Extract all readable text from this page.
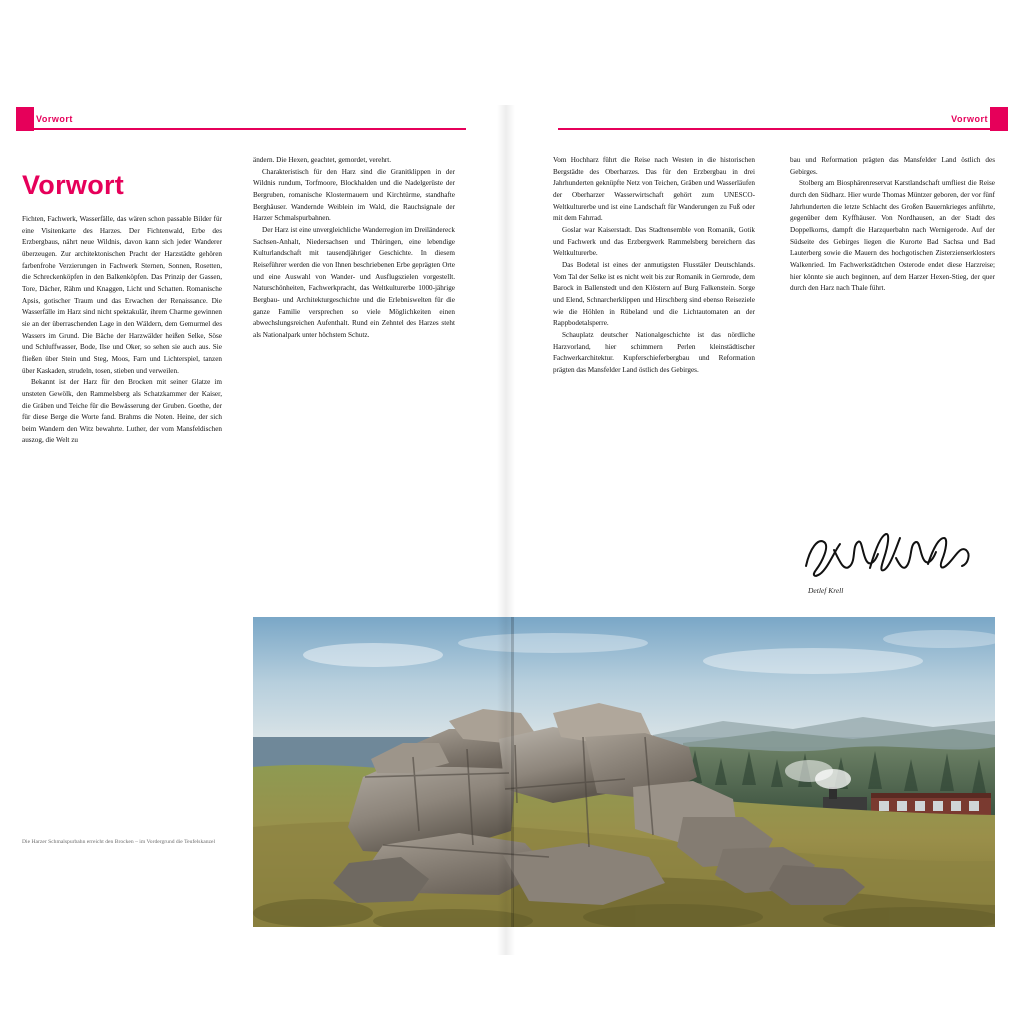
Vorwort	Vorwort
Vorwort

Fichten, Fachwerk, Wasserfälle, das wären schon passable Bilder für eine Visitenkarte des Harzes. Der Fichtenwald, Erbe des Erzbergbaus, nährt neue Wildnis, davon kann sich jeder Wanderer überzeugen. Zur architektonischen Pracht der Harzstädte gehören farbenfrohe Verzierungen in Fachwerk Sternen, Sonnen, Rosetten, die Schreckenköpfen in den Balkenköpfen. Das Prinzip der Gassen, Tore, Dächer, Rähm und Knaggen, Licht und Schatten. Romanische Apsis, gotischer Traum und das Erwachen der Renaissance. Die Wasserfälle im Harz sind nicht spektakulär, ihrem Charme gewinnen sie an der überraschenden Lage in den Wäldern, dem Gemurmel des Wassers im Grund. Die Bäche der Harzwälder heißen Selke, Söse und Schluffwasser, Bode, Ilse und Oker, so sehen sie auch aus. Sie fließen über Stein und Steg, Moos, Farn und Lichterspiel, tanzen über Kaskaden, strudeln, tosen, stieben und verweilen.

Bekannt ist der Harz für den Brocken mit seiner Glatze im unsteten Gewölk, den Rammelsberg als Schatzkammer der Kaiser, die Gräben und Teiche für die Bewässerung der Gruben. Goethe, der für diese Berge die Worte fand. Brahms die Noten. Heine, der sich beim Wandern den Witz bewahrte. Luther, der vom Mansfeldischen auszog, die Welt zu

Die Harzer Schmalspurbahn erreicht den Brocken – im Vordergrund die Teufelskanzel

ändern. Die Hexen, geachtet, gemordet, verehrt.

Charakteristisch für den Harz sind die Granitklippen in der Wildnis rundum, Torfmoore, Blockhalden und die Nadelgerüste der Bergruben, romanische Klostermauern und Kirchtürme, standhafte Berghäuser. Wandernde Weiblein im Wald, die Rauchsignale der Harzer Schmalspurbahnen.

Der Harz ist eine unvergleichliche Wanderregion im Dreiländereck Sachsen-Anhalt, Niedersachsen und Thüringen, eine lebendige Kulturlandschaft mit tausendjähriger Geschichte. In diesem Reiseführer werden die von Ihnen beschriebenen Erbe geprägten Orte und eine Auswahl von Wander- und Ausflugszielen vorgestellt. Naturschönheiten, Fachwerkpracht, das Weltkulturerbe 1000-jährige Bergbau- und Architekturgeschichte und die Erlebniswelten für die ganze Familie versprechen so viele Möglichkeiten einen abwechslungsreichen Aufenthalt. Rund ein Zehntel des Harzes steht als Nationalpark unter höchstem Schutz.

Vom Hochharz führt die Reise nach Westen in die historischen Bergstädte des Oberharzes. Das für den Erzbergbau in drei Jahrhunderten geknüpfte Netz von Teichen, Gräben und Wasserläufen der Oberharzer Wasserwirtschaft gehört zum UNESCO-Weltkulturerbe und ist eine Landschaft für Wanderungen zu Fuß oder mit dem Fahrrad.

Goslar war Kaiserstadt. Das Stadtensemble von Romanik, Gotik und Fachwerk und das Erzbergwerk Rammelsberg bereichern das Weltkulturerbe.

Das Bodetal ist eines der anmutigsten Flusstäler Deutschlands. Vom Tal der Selke ist es nicht weit bis zur Romanik in Gernrode, dem Barock in Ballenstedt und den Klöstern auf Burg Falkenstein. Sorge und Elend, Schnarcherklippen und Hirschberg sind ebenso Reiseziele wie die Höhlen in Rübeland und die Lichtautomaten an der Rappbodetalsperre.

Schauplatz deutscher Nationalgeschichte ist das nördliche Harzvorland, hier schimmern Perlen kleinstädtischer Fachwerkarchitektur. Kupferschieferbergbau und Reformation prägten das Mansfelder Land östlich des Gebirges.

bau und Reformation prägten das Mansfelder Land östlich des Gebirges.

Stolberg am Biosphärenreservat Karstlandschaft umfliest die Reise durch den Südharz. Hier wurde Thomas Müntzer geboren, der vor fünf Jahrhunderten die letzte Schlacht des Großen Bauernkrieges anführte, gegenüber dem Kyffhäuser. Von Nordhausen, an der Stadt des Doppelkorns, dampft die Harzquerbahn nach Wernigerode. Auf der Südseite des Gebirges liegen die Kurorte Bad Sachsa und Bad Lauterberg sowie die Mauern des hochgotischen Zisterzienserklosters Walkenried. Im Fachwerkstädtchen Osterode endet diese Harzreise; hier könnte sie auch beginnen, auf dem Harzer Hexen-Stieg, der quer durch den Harz nach Thale führt.

Detlef Krell
